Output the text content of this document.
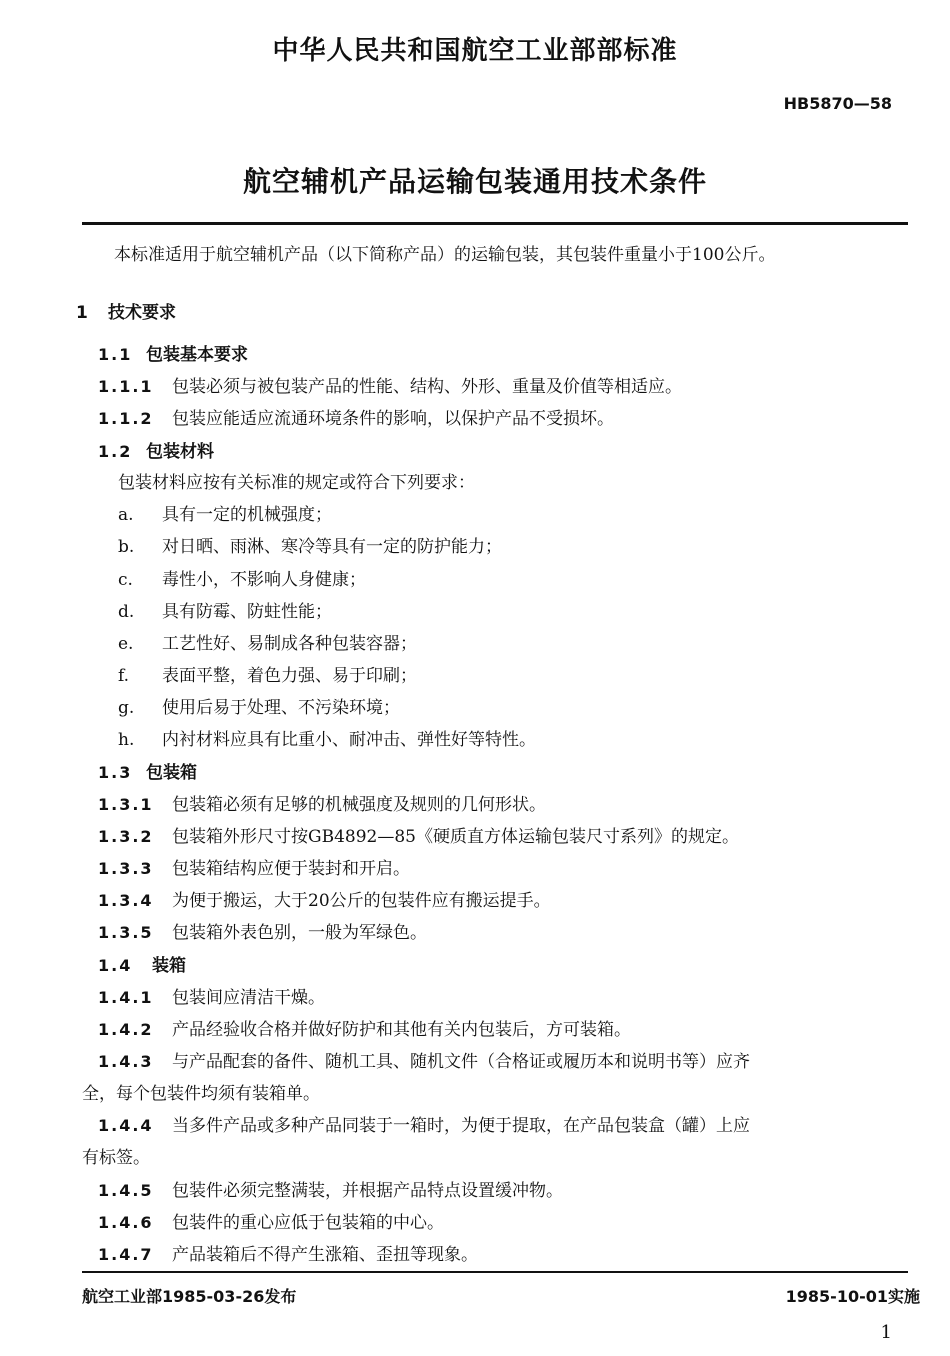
中华人民共和国航空工业部部标准
HB5870—58
航空辅机产品运输包装通用技术条件
本标准适用于航空辅机产品（以下简称产品）的运输包装，其包装件重量小于100公斤。
1 技术要求
1.1 包装基本要求
1.1.1 包装必须与被包装产品的性能、结构、外形、重量及价值等相适应。
1.1.2 包装应能适应流通环境条件的影响，以保护产品不受损坏。
1.2 包装材料
包装材料应按有关标准的规定或符合下列要求：
a. 具有一定的机械强度；
b. 对日晒、雨淋、寒冷等具有一定的防护能力；
c. 毒性小，不影响人身健康；
d. 具有防霉、防蛀性能；
e. 工艺性好、易制成各种包装容器；
f. 表面平整，着色力强、易于印刷；
g. 使用后易于处理、不污染环境；
h. 内衬材料应具有比重小、耐冲击、弹性好等特性。
1.3 包装箱
1.3.1 包装箱必须有足够的机械强度及规则的几何形状。
1.3.2 包装箱外形尺寸按GB4892—85《硬质直方体运输包装尺寸系列》的规定。
1.3.3 包装箱结构应便于装封和开启。
1.3.4 为便于搬运，大于20公斤的包装件应有搬运提手。
1.3.5 包装箱外表色别，一般为军绿色。
1.4 装箱
1.4.1 包装间应清洁干燥。
1.4.2 产品经验收合格并做好防护和其他有关内包装后，方可装箱。
1.4.3 与产品配套的备件、随机工具、随机文件（合格证或履历本和说明书等）应齐
全，每个包装件均须有装箱单。
1.4.4 当多件产品或多种产品同装于一箱时，为便于提取，在产品包装盒（罐）上应
有标签。
1.4.5 包装件必须完整满装，并根据产品特点设置缓冲物。
1.4.6 包装件的重心应低于包装箱的中心。
1.4.7 产品装箱后不得产生涨箱、歪扭等现象。
航空工业部1985-03-26发布	1985-10-01实施
1
